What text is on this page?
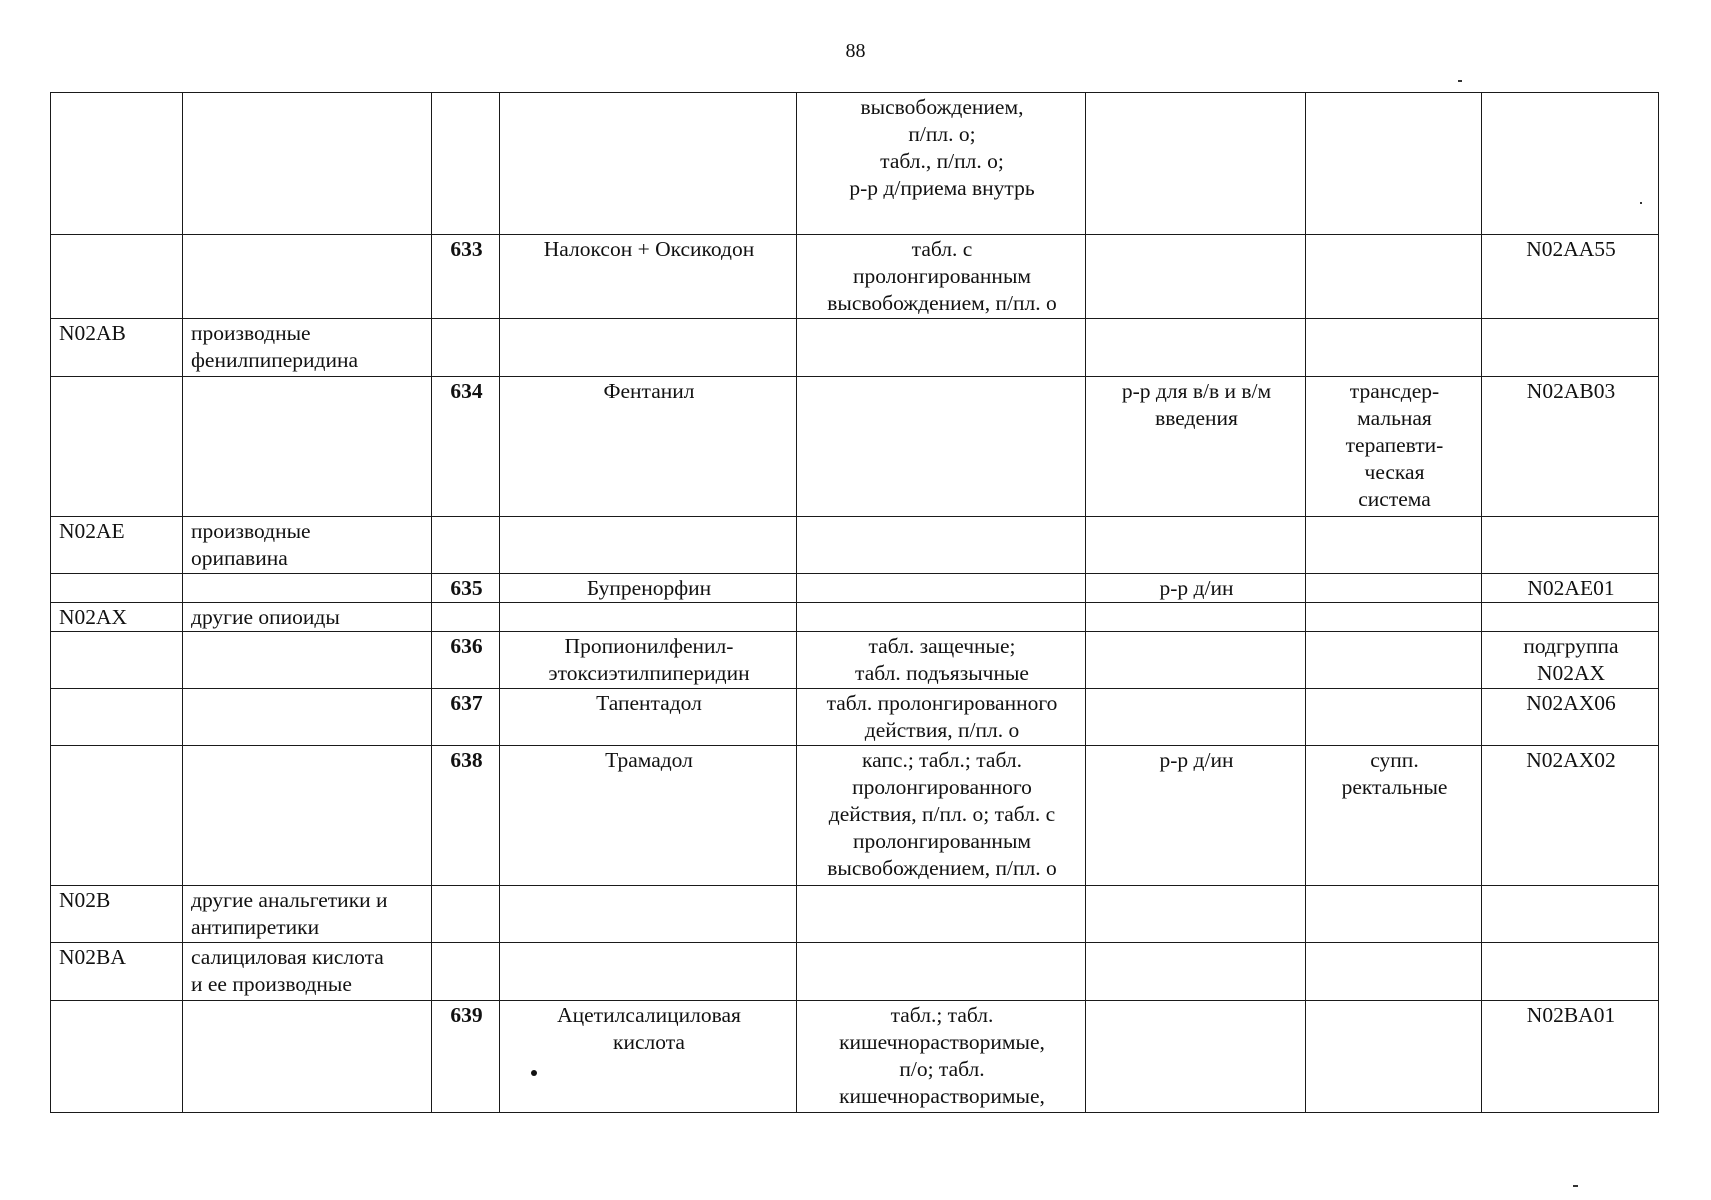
88
				высвобождением,
п/пл. о;
табл., п/пл. о;
р-р д/приема внутрь			
		633	Налоксон + Оксикодон	табл. с
пролонгированным
высвобождением, п/пл. о			N02AA55
N02AB	производные
фенилпиперидина						
		634	Фентанил		р-р для в/в и в/м
введения	трансдер-
мальная
терапевти-
ческая
система	N02AB03
N02AE	производные
орипавина						
		635	Бупренорфин		р-р д/ин		N02AE01
N02AX	другие опиоиды						
		636	Пропионилфенил-
этоксиэтилпиперидин	табл. защечные;
табл. подъязычные			подгруппа
N02AX
		637	Тапентадол	табл. пролонгированного
действия, п/пл. о			N02AX06
		638	Трамадол	капс.; табл.; табл.
пролонгированного
действия, п/пл. о; табл. с
пролонгированным
высвобождением, п/пл. о	р-р д/ин	супп.
ректальные	N02AX02
N02B	другие анальгетики и
антипиретики						
N02BA	салициловая кислота
и ее производные						
		639	Ацетилсалициловая
кислота	табл.; табл.
кишечнорастворимые,
п/о; табл.
кишечнорастворимые,			N02BA01
